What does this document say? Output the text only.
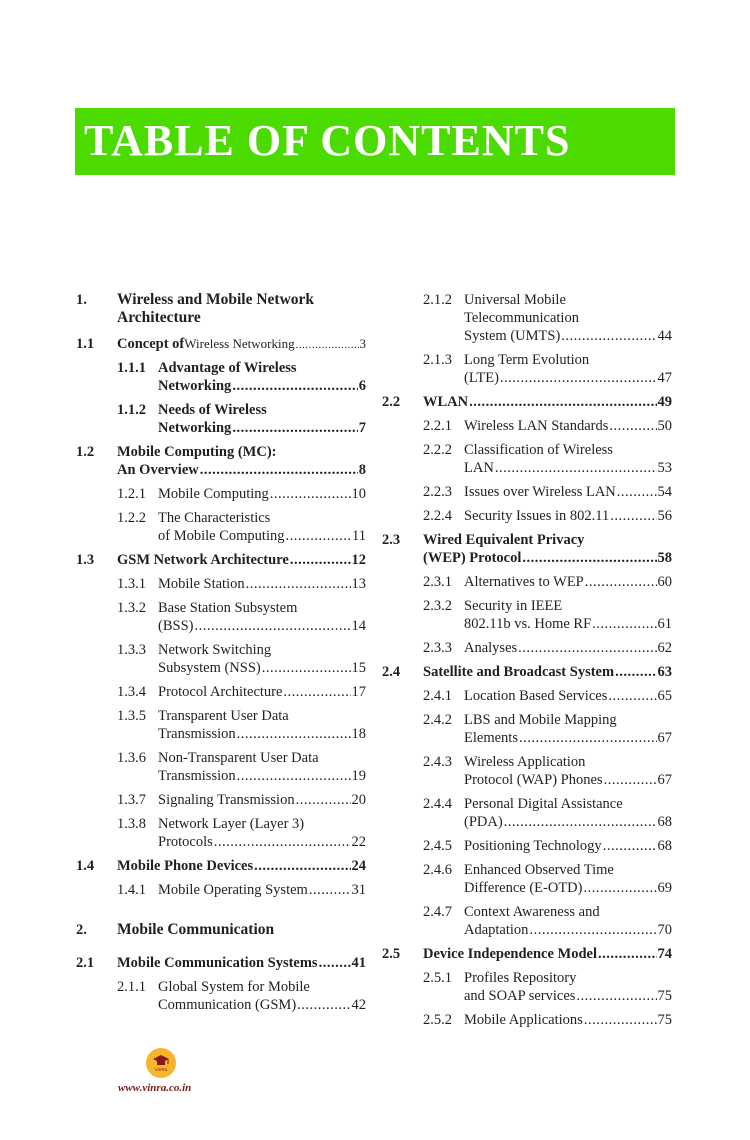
TABLE OF CONTENTS
1. Wireless and Mobile Network
Architecture
1.1 Concept of Wireless Networking .....	3
1.1.1 Advantage of Wireless
Networking .....	6
1.1.2 Needs of Wireless
Networking .....	7
1.2 Mobile Computing (MC):
An Overview .....	8
1.2.1 Mobile Computing .....	10
1.2.2 The Characteristics
of Mobile Computing .....	11
1.3 GSM Network Architecture .....	12
1.3.1 Mobile Station .....	13
1.3.2 Base Station Subsystem
(BSS) .....	14
1.3.3 Network Switching
Subsystem (NSS) .....	15
1.3.4 Protocol Architecture .....	17
1.3.5 Transparent User Data
Transmission .....	18
1.3.6 Non-Transparent User Data
Transmission .....	19
1.3.7 Signaling Transmission .....	20
1.3.8 Network Layer (Layer 3)
Protocols .....	22
1.4 Mobile Phone Devices .....	24
1.4.1 Mobile Operating System .....	31
2. Mobile Communication
2.1 Mobile Communication Systems ..... 41
2.1.1 Global System for Mobile
Communication (GSM) .....	42
2.1.2 Universal Mobile
Telecommunication
System (UMTS) .....	44
2.1.3 Long Term Evolution
(LTE) .....	47
2.2 WLAN .....	49
2.2.1 Wireless LAN Standards .....	50
2.2.2 Classification of Wireless
LAN .....	53
2.2.3 Issues over Wireless LAN .....	54
2.2.4 Security Issues in 802.11 .....	56
2.3 Wired Equivalent Privacy
(WEP) Protocol .....	58
2.3.1 Alternatives to WEP .....	60
2.3.2 Security in IEEE
802.11b vs. Home RF .....	61
2.3.3 Analyses .....	62
2.4 Satellite and Broadcast System .....	63
2.4.1 Location Based Services .....	65
2.4.2 LBS and Mobile Mapping
Elements .....	67
2.4.3 Wireless Application
Protocol (WAP) Phones .....	67
2.4.4 Personal Digital Assistance
(PDA) .....	68
2.4.5 Positioning Technology .....	68
2.4.6 Enhanced Observed Time
Difference (E-OTD) .....	69
2.4.7 Context Awareness and
Adaptation .....	70
2.5 Device Independence Model .....	74
2.5.1 Profiles Repository
and SOAP services .....	75
2.5.2 Mobile Applications .....	75
VinRa
www.vinra.co.in
